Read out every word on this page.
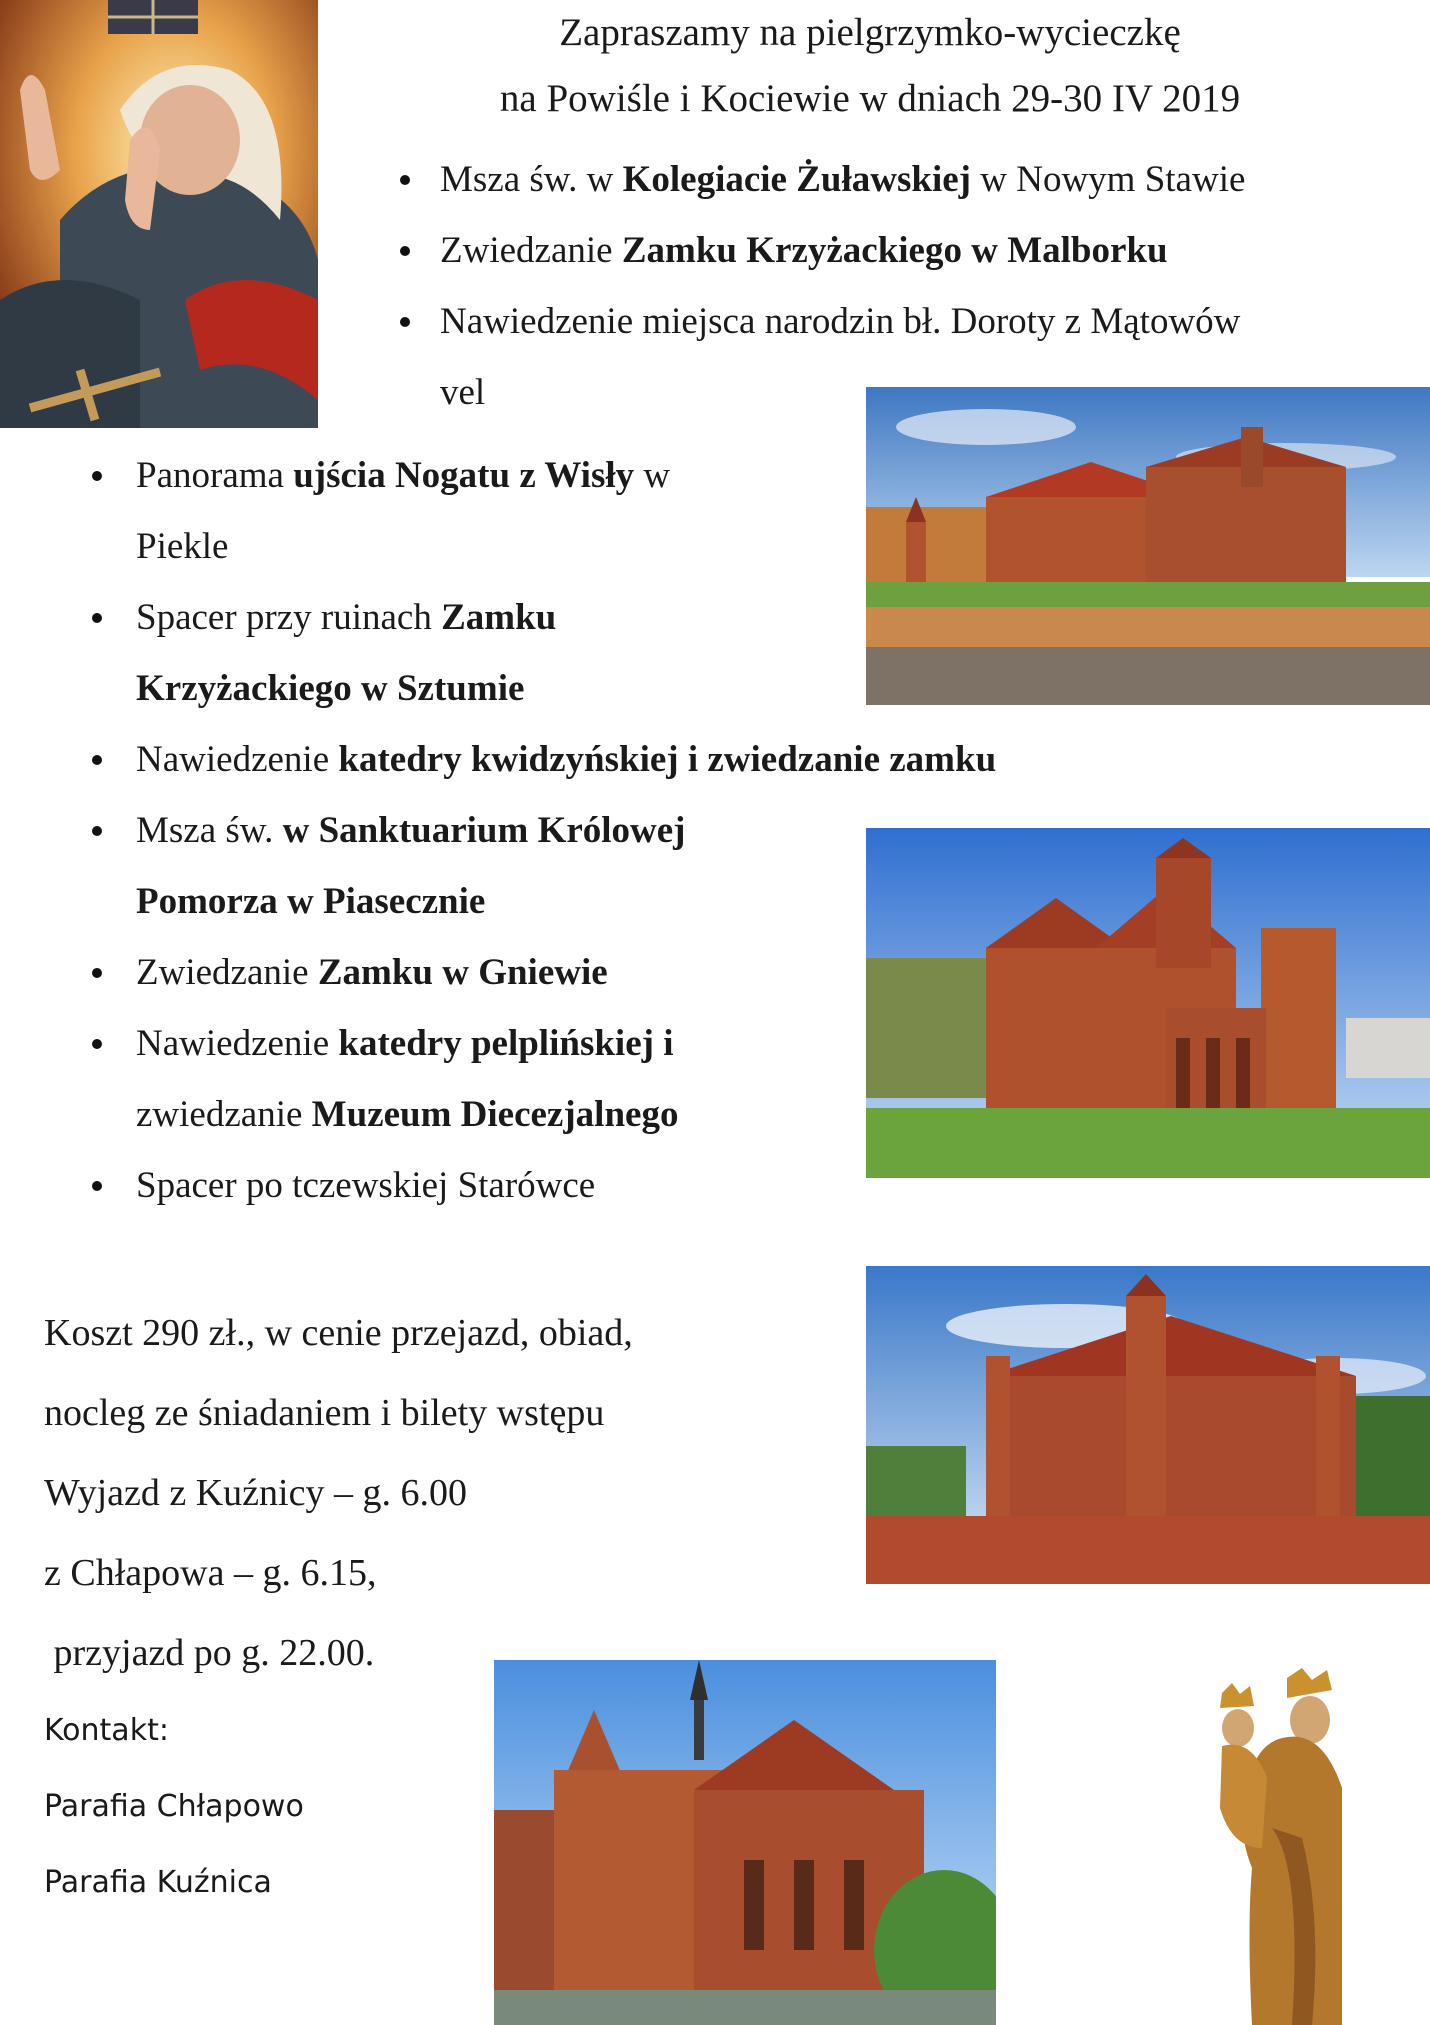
Zapraszamy na pielgrzymko-wycieczkę
na Powiśle i Kociewie w dniach 29-30 IV 2019
Msza św. w Kolegiacie Żuławskiej w Nowym Stawie
Zwiedzanie Zamku Krzyżackiego w Malborku
Nawiedzenie miejsca narodzin bł. Doroty z Mątowów
vel
Panorama ujścia Nogatu z Wisły w
Piekle
Spacer przy ruinach Zamku
Krzyżackiego w Sztumie
Nawiedzenie katedry kwidzyńskiej i zwiedzanie zamku
Msza św. w Sanktuarium Królowej
Pomorza w Piasecznie
Zwiedzanie Zamku w Gniewie
Nawiedzenie katedry pelplińskiej i
zwiedzanie Muzeum Diecezjalnego
Spacer po tczewskiej Starówce
Koszt 290 zł., w cenie przejazd, obiad,
nocleg ze śniadaniem i bilety wstępu
Wyjazd z Kuźnicy – g. 6.00
z Chłapowa – g. 6.15,
przyjazd po g. 22.00.
Kontakt:
Parafia Chłapowo
Parafia Kuźnica
